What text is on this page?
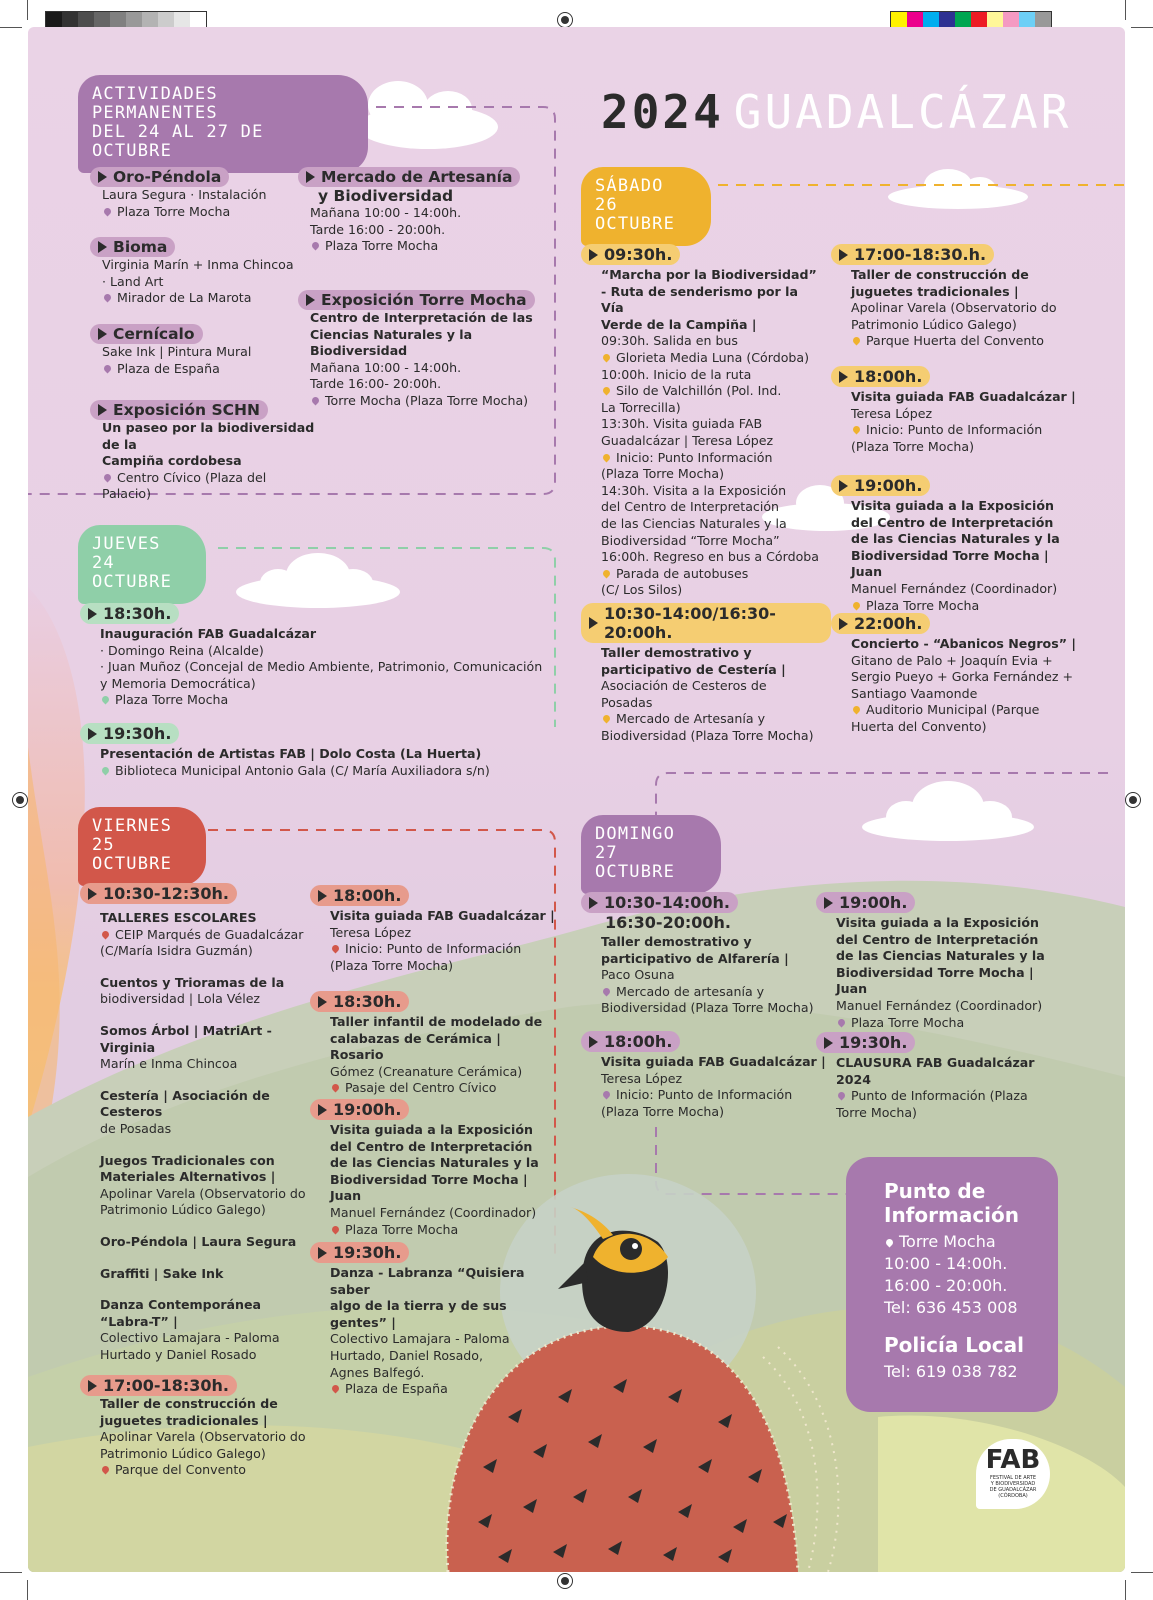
2024 GUADALCÁZAR
ACTIVIDADES PERMANENTES
DEL 24 AL 27 DE OCTUBRE
Oro-Péndola
Laura Segura · Instalación
Plaza Torre Mocha
Bioma
Virginia Marín + Inma Chincoa
· Land Art
Mirador de La Marota
Cernícalo
Sake Ink | Pintura Mural
Plaza de España
Exposición SCHN
Un paseo por la biodiversidad de la
Campiña cordobesa
Centro Cívico (Plaza del Palacio)
Mercado de Artesanía
y Biodiversidad
Mañana 10:00 - 14:00h.
Tarde 16:00 - 20:00h.
Plaza Torre Mocha
Exposición Torre Mocha
Centro de Interpretación de las
Ciencias Naturales y la Biodiversidad
Mañana 10:00 - 14:00h.
Tarde 16:00- 20:00h.
Torre Mocha (Plaza Torre Mocha)
JUEVES 24
OCTUBRE
18:30h.
Inauguración FAB Guadalcázar
· Domingo Reina (Alcalde)
· Juan Muñoz (Concejal de Medio Ambiente, Patrimonio, Comunicación
y Memoria Democrática)
Plaza Torre Mocha
19:30h.
Presentación de Artistas FAB | Dolo Costa (La Huerta)
Biblioteca Municipal Antonio Gala (C/ María Auxiliadora s/n)
VIERNES 25
OCTUBRE
10:30-12:30h.
TALLERES ESCOLARES
CEIP Marqués de Guadalcázar
(C/María Isidra Guzmán)
Cuentos y Trioramas de la
biodiversidad | Lola Vélez
Somos Árbol | MatriArt - Virginia
Marín e Inma Chincoa
Cestería | Asociación de Cesteros
de Posadas
Juegos Tradicionales con
Materiales Alternativos |
Apolinar Varela (Observatorio do
Patrimonio Lúdico Galego)
Oro-Péndola | Laura Segura
Graffiti | Sake Ink
Danza Contemporánea “Labra-T” |
Colectivo Lamajara - Paloma
Hurtado y Daniel Rosado
17:00-18:30h.
Taller de construcción de
juguetes tradicionales |
Apolinar Varela (Observatorio do
Patrimonio Lúdico Galego)
Parque del Convento
18:00h.
Visita guiada FAB Guadalcázar |
Teresa López
Inicio: Punto de Información
(Plaza Torre Mocha)
18:30h.
Taller infantil de modelado de
calabazas de Cerámica | Rosario
Gómez (Creanature Cerámica)
Pasaje del Centro Cívico
19:00h.
Visita guiada a la Exposición
del Centro de Interpretación
de las Ciencias Naturales y la
Biodiversidad Torre Mocha | Juan
Manuel Fernández (Coordinador)
Plaza Torre Mocha
19:30h.
Danza - Labranza “Quisiera saber
algo de la tierra y de sus gentes” |
Colectivo Lamajara - Paloma
Hurtado, Daniel Rosado,
Agnes Balfegó.
Plaza de España
SÁBADO 26
OCTUBRE
09:30h.
“Marcha por la Biodiversidad”
- Ruta de senderismo por la Vía
Verde de la Campiña |
09:30h. Salida en bus
Glorieta Media Luna (Córdoba)
10:00h. Inicio de la ruta
Silo de Valchillón (Pol. Ind.
La Torrecilla)
13:30h. Visita guiada FAB
Guadalcázar | Teresa López
Inicio: Punto Información
(Plaza Torre Mocha)
14:30h. Visita a la Exposición
del Centro de Interpretación
de las Ciencias Naturales y la
Biodiversidad “Torre Mocha”
16:00h. Regreso en bus a Córdoba
Parada de autobuses
(C/ Los Silos)
10:30-14:00/16:30-20:00h.
Taller demostrativo y
participativo de Cestería |
Asociación de Cesteros de
Posadas
Mercado de Artesanía y
Biodiversidad (Plaza Torre Mocha)
17:00-18:30.h.
Taller de construcción de
juguetes tradicionales |
Apolinar Varela (Observatorio do
Patrimonio Lúdico Galego)
Parque Huerta del Convento
18:00h.
Visita guiada FAB Guadalcázar |
Teresa López
Inicio: Punto de Información
(Plaza Torre Mocha)
19:00h.
Visita guiada a la Exposición
del Centro de Interpretación
de las Ciencias Naturales y la
Biodiversidad Torre Mocha | Juan
Manuel Fernández (Coordinador)
Plaza Torre Mocha
22:00h.
Concierto - “Abanicos Negros” |
Gitano de Palo + Joaquín Evia +
Sergio Pueyo + Gorka Fernández +
Santiago Vaamonde
Auditorio Municipal (Parque
Huerta del Convento)
DOMINGO 27
OCTUBRE
10:30-14:00h.
16:30-20:00h.
Taller demostrativo y
participativo de Alfarería |
Paco Osuna
Mercado de artesanía y
Biodiversidad (Plaza Torre Mocha)
18:00h.
Visita guiada FAB Guadalcázar |
Teresa López
Inicio: Punto de Información
(Plaza Torre Mocha)
19:00h.
Visita guiada a la Exposición
del Centro de Interpretación
de las Ciencias Naturales y la
Biodiversidad Torre Mocha | Juan
Manuel Fernández (Coordinador)
Plaza Torre Mocha
19:30h.
CLAUSURA FAB Guadalcázar 2024
Punto de Información (Plaza
Torre Mocha)
Punto de
Información
Torre Mocha
10:00 - 14:00h.
16:00 - 20:00h.
Tel: 636 453 008
Policía Local
Tel: 619 038 782
FAB
FESTIVAL DE ARTE
Y BIODIVERSIDAD
DE GUADALCÁZAR
(CÓRDOBA)
